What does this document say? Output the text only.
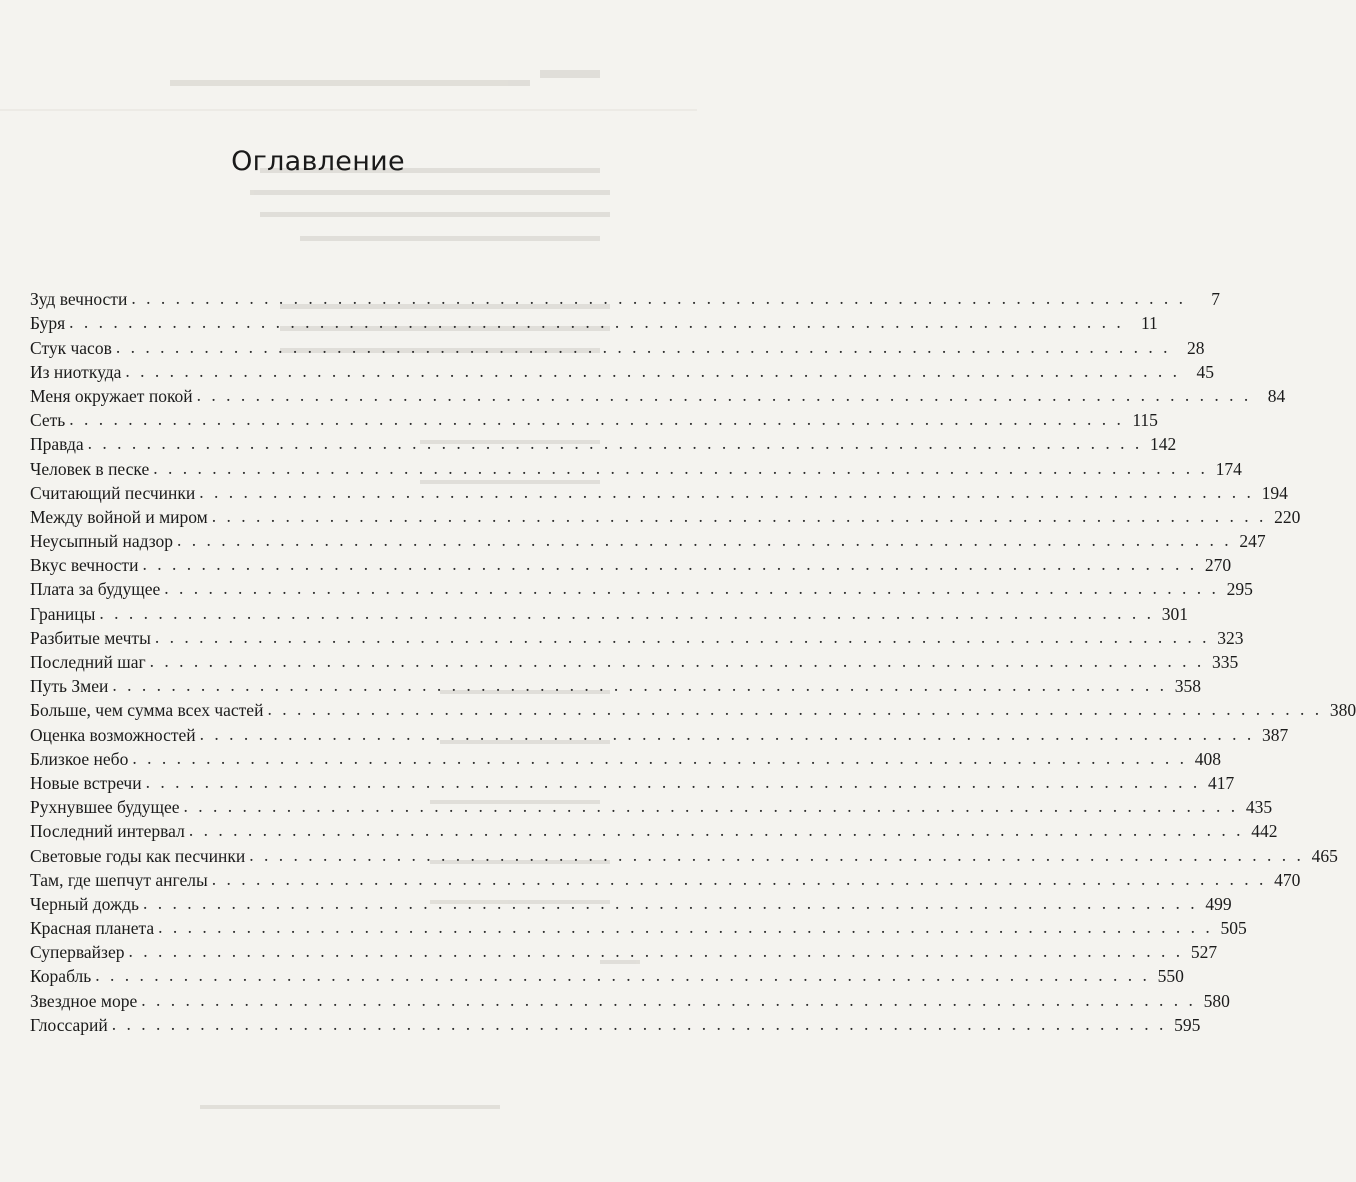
Оглавление
Зуд вечности . . . . . . . . . . . . . . . . . . . . . . . . . . . . . . . . . . . . . . . . . . . . . . . . . . . . . . . . . . . . . . . . . . . . . . . .	7
Буря . . . . . . . . . . . . . . . . . . . . . . . . . . . . . . . . . . . . . . . . . . . . . . . . . . . . . . . . . . . . . . . . . . . . . . . . 11
Стук часов . . . . . . . . . . . . . . . . . . . . . . . . . . . . . . . . . . . . . . . . . . . . . . . . . . . . . . . . . . . . . . . . . . . . . . . . 28
Из ниоткуда . . . . . . . . . . . . . . . . . . . . . . . . . . . . . . . . . . . . . . . . . . . . . . . . . . . . . . . . . . . . . . . . . . . . . . . . 45
Меня окружает покой . . . . . . . . . . . . . . . . . . . . . . . . . . . . . . . . . . . . . . . . . . . . . . . . . . . . . . . . . . . . . . . . . . . . . . . . 84
Сеть . . . . . . . . . . . . . . . . . . . . . . . . . . . . . . . . . . . . . . . . . . . . . . . . . . . . . . . . . . . . . . . . . . . . . . . . 115
Правда . . . . . . . . . . . . . . . . . . . . . . . . . . . . . . . . . . . . . . . . . . . . . . . . . . . . . . . . . . . . . . . . . . . . . . . . 142
Человек в песке . . . . . . . . . . . . . . . . . . . . . . . . . . . . . . . . . . . . . . . . . . . . . . . . . . . . . . . . . . . . . . . . . . . . . . . . 174
Считающий песчинки . . . . . . . . . . . . . . . . . . . . . . . . . . . . . . . . . . . . . . . . . . . . . . . . . . . . . . . . . . . . . . . . . . . . . . . . 194
Между войной и миром . . . . . . . . . . . . . . . . . . . . . . . . . . . . . . . . . . . . . . . . . . . . . . . . . . . . . . . . . . . . . . . . . . . . . . . . 220
Неусыпный надзор . . . . . . . . . . . . . . . . . . . . . . . . . . . . . . . . . . . . . . . . . . . . . . . . . . . . . . . . . . . . . . . . . . . . . . . . 247
Вкус вечности . . . . . . . . . . . . . . . . . . . . . . . . . . . . . . . . . . . . . . . . . . . . . . . . . . . . . . . . . . . . . . . . . . . . . . . . 270
Плата за будущее . . . . . . . . . . . . . . . . . . . . . . . . . . . . . . . . . . . . . . . . . . . . . . . . . . . . . . . . . . . . . . . . . . . . . . . . 295
Границы . . . . . . . . . . . . . . . . . . . . . . . . . . . . . . . . . . . . . . . . . . . . . . . . . . . . . . . . . . . . . . . . . . . . . . . . 301
Разбитые мечты . . . . . . . . . . . . . . . . . . . . . . . . . . . . . . . . . . . . . . . . . . . . . . . . . . . . . . . . . . . . . . . . . . . . . . . . 323
Последний шаг . . . . . . . . . . . . . . . . . . . . . . . . . . . . . . . . . . . . . . . . . . . . . . . . . . . . . . . . . . . . . . . . . . . . . . . . 335
Путь Змеи . . . . . . . . . . . . . . . . . . . . . . . . . . . . . . . . . . . . . . . . . . . . . . . . . . . . . . . . . . . . . . . . . . . . . . . . 358
Больше, чем сумма всех частей . . . . . . . . . . . . . . . . . . . . . . . . . . . . . . . . . . . . . . . . . . . . . . . . . . . . . . . . . . . . . . . . . . . . . . . . 380
Оценка возможностей . . . . . . . . . . . . . . . . . . . . . . . . . . . . . . . . . . . . . . . . . . . . . . . . . . . . . . . . . . . . . . . . . . . . . . . . 387
Близкое небо . . . . . . . . . . . . . . . . . . . . . . . . . . . . . . . . . . . . . . . . . . . . . . . . . . . . . . . . . . . . . . . . . . . . . . . . 408
Новые встречи . . . . . . . . . . . . . . . . . . . . . . . . . . . . . . . . . . . . . . . . . . . . . . . . . . . . . . . . . . . . . . . . . . . . . . . . 417
Рухнувшее будущее . . . . . . . . . . . . . . . . . . . . . . . . . . . . . . . . . . . . . . . . . . . . . . . . . . . . . . . . . . . . . . . . . . . . . . . . 435
Последний интервал . . . . . . . . . . . . . . . . . . . . . . . . . . . . . . . . . . . . . . . . . . . . . . . . . . . . . . . . . . . . . . . . . . . . . . . . 442
Световые годы как песчинки . . . . . . . . . . . . . . . . . . . . . . . . . . . . . . . . . . . . . . . . . . . . . . . . . . . . . . . . . . . . . . . . . . . . . . . . 465
Там, где шепчут ангелы . . . . . . . . . . . . . . . . . . . . . . . . . . . . . . . . . . . . . . . . . . . . . . . . . . . . . . . . . . . . . . . . . . . . . . . . 470
Черный дождь . . . . . . . . . . . . . . . . . . . . . . . . . . . . . . . . . . . . . . . . . . . . . . . . . . . . . . . . . . . . . . . . . . . . . . . . 499
Красная планета . . . . . . . . . . . . . . . . . . . . . . . . . . . . . . . . . . . . . . . . . . . . . . . . . . . . . . . . . . . . . . . . . . . . . . . . 505
Супервайзер . . . . . . . . . . . . . . . . . . . . . . . . . . . . . . . . . . . . . . . . . . . . . . . . . . . . . . . . . . . . . . . . . . . . . . . . 527
Корабль . . . . . . . . . . . . . . . . . . . . . . . . . . . . . . . . . . . . . . . . . . . . . . . . . . . . . . . . . . . . . . . . . . . . . . . . 550
Звездное море . . . . . . . . . . . . . . . . . . . . . . . . . . . . . . . . . . . . . . . . . . . . . . . . . . . . . . . . . . . . . . . . . . . . . . . . 580
Глоссарий . . . . . . . . . . . . . . . . . . . . . . . . . . . . . . . . . . . . . . . . . . . . . . . . . . . . . . . . . . . . . . . . . . . . . . . . 595
